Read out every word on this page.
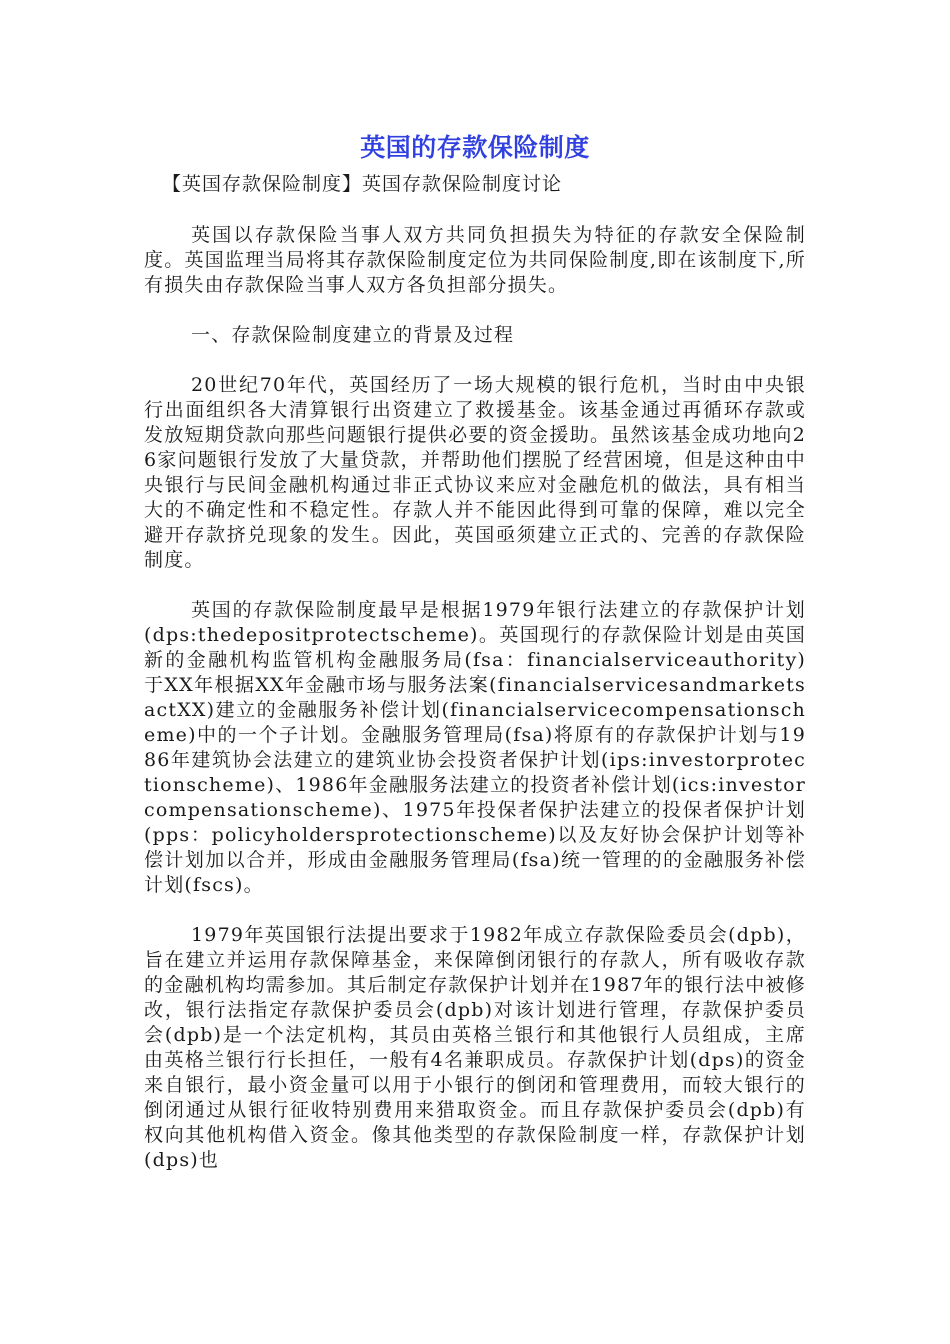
英国的存款保险制度
【英国存款保险制度】英国存款保险制度讨论

英国以存款保险当事人双方共同负担损失为特征的存款安全保险制度。英国监理当局将其存款保险制度定位为共同保险制度,即在该制度下,所有损失由存款保险当事人双方各负担部分损失。

一、存款保险制度建立的背景及过程

20世纪70年代，英国经历了一场大规模的银行危机，当时由中央银行出面组织各大清算银行出资建立了救援基金。该基金通过再循环存款或发放短期贷款向那些问题银行提供必要的资金援助。虽然该基金成功地向26家问题银行发放了大量贷款，并帮助他们摆脱了经营困境，但是这种由中央银行与民间金融机构通过非正式协议来应对金融危机的做法，具有相当大的不确定性和不稳定性。存款人并不能因此得到可靠的保障，难以完全避开存款挤兑现象的发生。因此，英国亟须建立正式的、完善的存款保险制度。

英国的存款保险制度最早是根据1979年银行法建立的存款保护计划(dps:thedepositprotectscheme)。英国现行的存款保险计划是由英国新的金融机构监管机构金融服务局(fsa：financialserviceauthority)于XX年根据XX年金融市场与服务法案(financialservicesandmarketsactXX)建立的金融服务补偿计划(financialservicecompensationscheme)中的一个子计划。金融服务管理局(fsa)将原有的存款保护计划与1986年建筑协会法建立的建筑业协会投资者保护计划(ips:investorprotectionscheme)、1986年金融服务法建立的投资者补偿计划(ics:investorcompensationscheme)、1975年投保者保护法建立的投保者保护计划(pps：policyholdersprotectionscheme)以及友好协会保护计划等补偿计划加以合并，形成由金融服务管理局(fsa)统一管理的的金融服务补偿计划(fscs)。

1979年英国银行法提出要求于1982年成立存款保险委员会(dpb)，旨在建立并运用存款保障基金，来保障倒闭银行的存款人，所有吸收存款的金融机构均需参加。其后制定存款保护计划并在1987年的银行法中被修改，银行法指定存款保护委员会(dpb)对该计划进行管理，存款保护委员会(dpb)是一个法定机构，其员由英格兰银行和其他银行人员组成，主席由英格兰银行行长担任，一般有4名兼职成员。存款保护计划(dps)的资金来自银行，最小资金量可以用于小银行的倒闭和管理费用，而较大银行的倒闭通过从银行征收特别费用来猎取资金。而且存款保护委员会(dpb)有权向其他机构借入资金。像其他类型的存款保险制度一样，存款保护计划(dps)也
